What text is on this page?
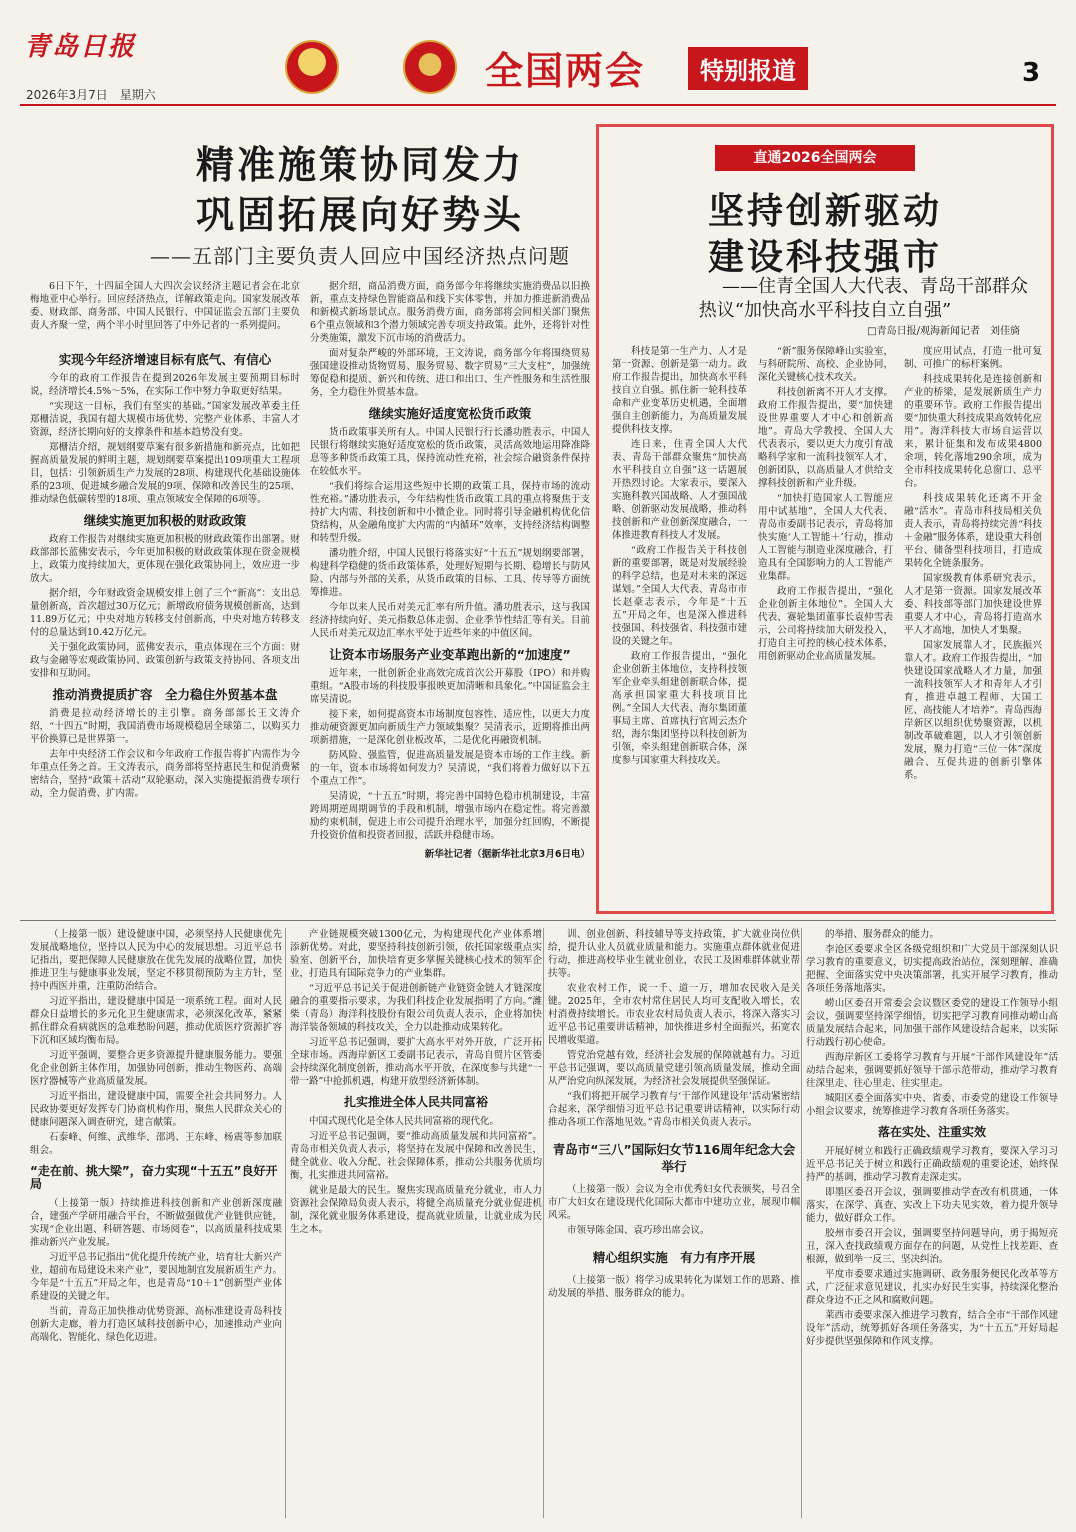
青岛日报
2026年3月7日　星期六
全国两会	特别报道	3
精准施策协同发力
巩固拓展向好势头
——五部门主要负责人回应中国经济热点问题

6日下午，十四届全国人大四次会议经济主题记者会在北京梅地亚中心举行。回应经济热点，详解政策走向。国家发展改革委、财政部、商务部、中国人民银行、中国证监会五部门主要负责人齐聚一堂，两个半小时里回答了中外记者的一系列提问。

实现今年经济增速目标有底气、有信心

今年的政府工作报告在提到2026年发展主要预期目标时说，经济增长4.5%～5%，在实际工作中努力争取更好结果。

“实现这一目标，我们有坚实的基础。”国家发展改革委主任郑栅洁说，我国有超大规模市场优势、完整产业体系、丰富人才资源，经济长期向好的支撑条件和基本趋势没有变。

郑栅洁介绍，规划纲要草案有很多新措施和新亮点，比如把握高质量发展的鲜明主题，规划纲要草案提出109项重大工程项目，包括：引领新质生产力发展的28项、构建现代化基础设施体系的23项、促进城乡融合发展的9项、保障和改善民生的25项、推动绿色低碳转型的18项、重点领域安全保障的6项等。

继续实施更加积极的财政政策

政府工作报告对继续实施更加积极的财政政策作出部署。财政部部长蓝佛安表示，今年更加积极的财政政策体现在资金规模上，政策力度持续加大，更体现在强化政策协同上，效应进一步放大。

据介绍，今年财政资金规模安排上创了三个“新高”：支出总量创新高，首次超过30万亿元；新增政府债务规模创新高，达到11.89万亿元；中央对地方转移支付创新高，中央对地方转移支付的总量达到10.42万亿元。

关于强化政策协同，蓝佛安表示，重点体现在三个方面：财政与金融等宏观政策协同、政策创新与政策支持协同、各项支出安排和互助同。

推动消费提质扩容　全力稳住外贸基本盘

消费是拉动经济增长的主引擎。商务部部长王文涛介绍，“十四五”时期，我国消费市场规模稳居全球第二，以购买力平价换算已是世界第一。

去年中央经济工作会议和今年政府工作报告将扩内需作为今年重点任务之首。王文涛表示，商务部将坚持惠民生和促消费紧密结合，坚持“政策＋活动”双轮驱动，深入实施提振消费专项行动，全力促消费、扩内需。

据介绍，商品消费方面，商务部今年将继续实施消费品以旧换新，重点支持绿色智能商品和线下实体零售，并加力推进新消费品和新模式新场景试点。服务消费方面，商务部将会同相关部门聚焦6个重点领域和3个潜力领域完善专项支持政策。此外，还将针对性分类施策，激发下沉市场的消费活力。

面对复杂严峻的外部环境，王文涛说，商务部今年将围绕贸易强国建设推动货物贸易、服务贸易、数字贸易“三大支柱”，加强统筹促稳和提质、新兴和传统、进口和出口、生产性服务和生活性服务，全力稳住外贸基本盘。

继续实施好适度宽松货币政策

货币政策事关所有人。中国人民银行行长潘功胜表示，中国人民银行将继续实施好适度宽松的货币政策，灵活高效地运用降准降息等多种货币政策工具，保持流动性充裕，社会综合融资条件保持在较低水平。

“我们将综合运用这些短中长期的政策工具，保持市场的流动性充裕。”潘功胜表示，今年结构性货币政策工具的重点将聚焦于支持扩大内需、科技创新和中小微企业。同时将引导金融机构优化信贷结构，从金融角度扩大内需的“内循环”效率，支持经济结构调整和转型升级。

潘功胜介绍，中国人民银行将落实好“十五五”规划纲要部署，构建科学稳健的货币政策体系，处理好短期与长期、稳增长与防风险、内部与外部的关系，从货币政策的目标、工具、传导等方面统筹推进。

今年以来人民币对美元汇率有所升值。潘功胜表示，这与我国经济持续向好、美元指数总体走弱、企业季节性结汇等有关。目前人民币对美元双边汇率水平处于近些年来的中值区间。

让资本市场服务产业变革跑出新的“加速度”

近年来，一批创新企业高效完成首次公开募股（IPO）和并购重组。“A股市场的科技股事报映更加清晰和具象化。”中国证监会主席吴清说。

接下来，如何提高资本市场制度包容性、适应性，以更大力度推动硬资源更加向新质生产力领域集聚？吴清表示，近期将推出两项新措施，一是深化创业板改革，二是优化再融资机制。

防风险、强监管，促进高质量发展是资本市场的工作主线。新的一年，资本市场将如何发力？吴清说，“我们将着力做好以下五个重点工作”。

吴清说，“十五五”时期，将完善中国特色稳市机制建设，丰富跨周期逆周期调节的手段和机制，增强市场内在稳定性。将完善激励约束机制，促进上市公司提升治理水平，加强分红回购，不断提升投资价值和投资者回报，活跃并稳健市场。

新华社记者（据新华社北京3月6日电）
直通2026全国两会
坚持创新驱动
建设科技强市
——住青全国人大代表、青岛干部群众
热议“加快高水平科技自立自强”
□青岛日报/观海新闻记者　刘佳旖

科技是第一生产力、人才是第一资源、创新是第一动力。政府工作报告提出，加快高水平科技自立自强。抓住新一轮科技革命和产业变革历史机遇，全面增强自主创新能力，为高质量发展提供科技支撑。

连日来，住青全国人大代表、青岛干部群众聚焦“加快高水平科技自立自强”这一话题展开热烈讨论。大家表示，要深入实施科教兴国战略、人才强国战略、创新驱动发展战略，推动科技创新和产业创新深度融合，一体推进教育科技人才发展。

“政府工作报告关于科技创新的重要部署，既是对发展经验的科学总结，也是对未来的深远谋划。”全国人大代表、青岛市市长赵豪志表示，今年是“十五五”开局之年，也是深入推进科技强国、科技强省、科技强市建设的关键之年。

政府工作报告提出，“强化企业创新主体地位，支持科技领军企业牵头组建创新联合体，提高承担国家重大科技项目比例。”全国人大代表、海尔集团董事局主席、首席执行官周云杰介绍，海尔集团坚持以科技创新为引领，牵头组建创新联合体，深度参与国家重大科技攻关。

“新”服务保障峰山实验室，与科研院所、高校、企业协同，深化关键核心技术攻关。

科技创新离不开人才支撑。政府工作报告提出，要“加快建设世界重要人才中心和创新高地”。青岛大学教授、全国人大代表表示，要以更大力度引育战略科学家和一流科技领军人才、创新团队，以高质量人才供给支撑科技创新和产业升级。

“加快打造国家人工智能应用中试基地”，全国人大代表、青岛市委副书记表示，青岛将加快实施‘人工智能＋’行动，推动人工智能与制造业深度融合，打造具有全国影响力的人工智能产业集群。

政府工作报告提出，“强化企业创新主体地位”。全国人大代表、赛轮集团董事长袁仲雪表示，公司将持续加大研发投入，打造自主可控的核心技术体系，用创新驱动企业高质量发展。

度应用试点，打造一批可复制、可推广的标杆案例。

科技成果转化是连接创新和产业的桥梁，是发展新质生产力的重要环节。政府工作报告提出要“加快重大科技成果高效转化应用”。海洋科技大市场自运营以来，累计征集和发布成果4800余项，转化落地290余项，成为全市科技成果转化总窗口、总平台。

科技成果转化还离不开金融“活水”。青岛市科技局相关负责人表示，青岛将持续完善“科技＋金融”服务体系，建设重大科创平台、储备型科技项目，打造成果转化全链条服务。

国家级教育体系研究表示，人才是第一资源。国家发展改革委、科技部等部门加快建设世界重要人才中心，青岛将打造高水平人才高地，加快人才集聚。

国家发展靠人才，民族振兴靠人才。政府工作报告提出，“加快建设国家战略人才力量，加强一流科技领军人才和青年人才引育，推进卓越工程师、大国工匠、高技能人才培养”。青岛西海岸新区以组织优势聚资源，以机制改革破难题，以人才引领创新发展，聚力打造“三位一体”深度融合、互促共进的创新引擎体系。

（上接第一版）建设健康中国，必须坚持人民健康优先发展战略地位，坚持以人民为中心的发展思想。习近平总书记指出，要把保障人民健康放在优先发展的战略位置，加快推进卫生与健康事业发展，坚定不移贯彻预防为主方针，坚持中西医并重，注重防治结合。

习近平指出，建设健康中国是一项系统工程。面对人民群众日益增长的多元化卫生健康需求，必须深化改革，紧紧抓住群众看病就医的急难愁盼问题，推动优质医疗资源扩容下沉和区域均衡布局。

习近平强调，要整合更多资源提升健康服务能力。要强化企业创新主体作用，加强协同创新，推动生物医药、高端医疗器械等产业高质量发展。

习近平指出，建设健康中国，需要全社会共同努力。人民政协要更好发挥专门协商机构作用，聚焦人民群众关心的健康问题深入调查研究，建言献策。

石泰峰、何维、武维华、邵鸿、王东峰、杨震等参加联组会。

“走在前、挑大梁”，奋力实现“十五五”良好开局

（上接第一版）持续推进科技创新和产业创新深度融合，建强产学研用融合平台，不断做强做优产业链供应链，实现“企业出题、科研答题、市场阅卷”，以高质量科技成果推动新兴产业发展。

习近平总书记指出“优化提升传统产业，培育壮大新兴产业，超前布局建设未来产业”，要因地制宜发展新质生产力。今年是“十五五”开局之年，也是青岛“10＋1”创新型产业体系建设的关键之年。

当前，青岛正加快推动优势资源、高标准建设青岛科技创新大走廊，着力打造区域科技创新中心，加速推动产业向高端化、智能化、绿色化迈进。

产业链规模突破1300亿元，为构建现代化产业体系增添新优势。对此，要坚持科技创新引领，依托国家级重点实验室、创新平台，加快培育更多掌握关键核心技术的领军企业，打造具有国际竞争力的产业集群。

“习近平总书记关于促进创新链产业链资金链人才链深度融合的重要指示要求，为我们科技企业发展指明了方向。”潍柴（青岛）海洋科技股份有限公司负责人表示，企业将加快海洋装备领域的科技攻关，全力以赴推动成果转化。

习近平总书记强调，要扩大高水平对外开放，广泛开拓全球市场。西海岸新区工委副书记表示，青岛自贸片区管委会持续深化制度创新，推动高水平开放，在深度参与共建“一带一路”中抢抓机遇，构建开放型经济新体制。

扎实推进全体人民共同富裕

中国式现代化是全体人民共同富裕的现代化。

习近平总书记强调，要“推动高质量发展和共同富裕”。青岛市相关负责人表示，将坚持在发展中保障和改善民生，健全就业、收入分配、社会保障体系，推动公共服务优质均衡，扎实推进共同富裕。

就业是最大的民生。聚焦实现高质量充分就业，市人力资源社会保障局负责人表示，将健全高质量充分就业促进机制，深化就业服务体系建设，提高就业质量，让就业成为民生之本。

训、创业创新、科技辅导等支持政策，扩大就业岗位供给，提升认业人员就业质量和能力。实施重点群体就业促进行动，推进高校毕业生就业创业，农民工及困难群体就业帮扶等。

农业农村工作，说一千、道一万，增加农民收入是关键。2025年，全市农村常住居民人均可支配收入增长，农村消费持续增长。市农业农村局负责人表示，将深入落实习近平总书记重要讲话精神，加快推进乡村全面振兴，拓宽农民增收渠道。

管党治党越有效，经济社会发展的保障就越有力。习近平总书记强调，要以高质量党建引领高质量发展，推动全面从严治党向纵深发展，为经济社会发展提供坚强保证。

“我们将把开展学习教育与‘干部作风建设年’活动紧密结合起来，深学细悟习近平总书记重要讲话精神，以实际行动推动各项工作落地见效。”青岛市相关负责人表示。

青岛市“三八”国际妇女节116周年纪念大会举行

（上接第一版）会议为全市优秀妇女代表颁奖，号召全市广大妇女在建设现代化国际大都市中建功立业，展现巾帼风采。

市领导陈金国、袁巧珍出席会议。

精心组织实施　有力有序开展

（上接第一版）将学习成果转化为谋划工作的思路、推动发展的举措、服务群众的能力。

的举措、服务群众的能力。

李沧区委要求全区各级党组织和广大党员干部深刻认识学习教育的重要意义，切实提高政治站位，深刻理解、准确把握、全面落实党中央决策部署，扎实开展学习教育，推动各项任务落地落实。

崂山区委召开常委会会议暨区委党的建设工作领导小组会议，强调要坚持深学细悟，切实把学习教育同推动崂山高质量发展结合起来，同加强干部作风建设结合起来，以实际行动践行初心使命。

西海岸新区工委将学习教育与开展“干部作风建设年”活动结合起来，强调要抓好领导干部示范带动，推动学习教育往深里走、往心里走、往实里走。

城阳区委全面落实中央、省委、市委党的建设工作领导小组会议要求，统筹推进学习教育各项任务落实。

落在实处、注重实效

开展好树立和践行正确政绩观学习教育，要深入学习习近平总书记关于树立和践行正确政绩观的重要论述，始终保持严的基调，推动学习教育走深走实。

即墨区委召开会议，强调要推动学查改有机贯通，一体落实，在深学、真查、实改上下功夫见实效，着力提升领导能力，做好群众工作。

胶州市委召开会议，强调要坚持问题导向，勇于揭短亮丑，深入查找政绩观方面存在的问题，从党性上找差距、查根源，做到举一反三、坚决纠治。

平度市委要求通过实施调研、政务服务便民化改革等方式，广泛征求意见建议，扎实办好民生实事，持续深化整治群众身边不正之风和腐败问题。

莱西市委要求深入推进学习教育，结合全市“干部作风建设年”活动，统筹抓好各项任务落实，为“十五五”开好局起好步提供坚强保障和作风支撑。
